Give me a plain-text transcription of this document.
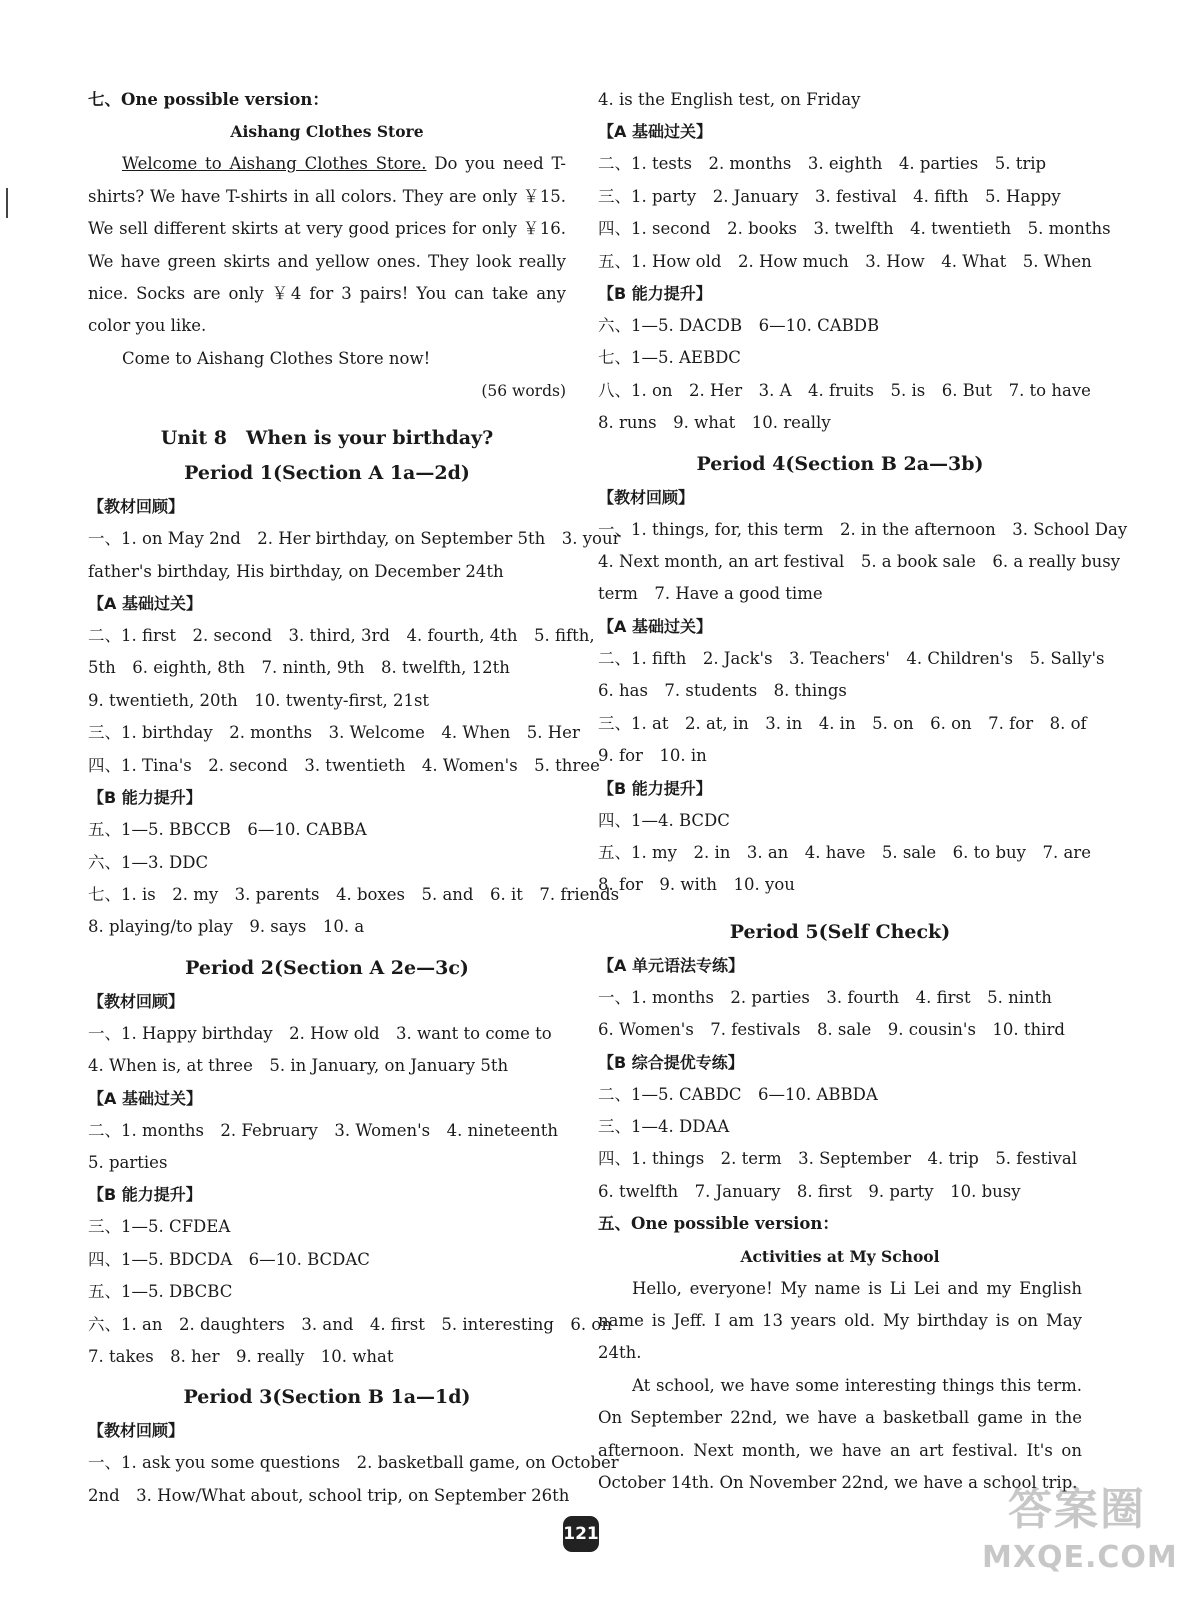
七、One possible version：
Aishang Clothes Store
Welcome to Aishang Clothes Store. Do you need T-shirts? We have T-shirts in all colors. They are only ￥15. We sell different skirts at very good prices for only ￥16. We have green skirts and yellow ones. They look really nice. Socks are only ￥4 for 3 pairs! You can take any color you like.
Come to Aishang Clothes Store now!
(56 words)
Unit 8　When is your birthday?
Period 1(Section A 1a—2d)
【教材回顾】
一、1. on May 2nd　2. Her birthday, on September 5th　3. your
father's birthday, His birthday, on December 24th
【A 基础过关】
二、1. first　2. second　3. third, 3rd　4. fourth, 4th　5. fifth,
5th　6. eighth, 8th　7. ninth, 9th　8. twelfth, 12th
9. twentieth, 20th　10. twenty-first, 21st
三、1. birthday　2. months　3. Welcome　4. When　5. Her
四、1. Tina's　2. second　3. twentieth　4. Women's　5. three
【B 能力提升】
五、1—5. BBCCB　6—10. CABBA
六、1—3. DDC
七、1. is　2. my　3. parents　4. boxes　5. and　6. it　7. friends
8. playing/to play　9. says　10. a
Period 2(Section A 2e—3c)
【教材回顾】
一、1. Happy birthday　2. How old　3. want to come to
4. When is, at three　5. in January, on January 5th
【A 基础过关】
二、1. months　2. February　3. Women's　4. nineteenth
5. parties
【B 能力提升】
三、1—5. CFDEA
四、1—5. BDCDA　6—10. BCDAC
五、1—5. DBCBC
六、1. an　2. daughters　3. and　4. first　5. interesting　6. on
7. takes　8. her　9. really　10. what
Period 3(Section B 1a—1d)
【教材回顾】
一、1. ask you some questions　2. basketball game, on October
2nd　3. How/What about, school trip, on September 26th
4. is the English test, on Friday
【A 基础过关】
二、1. tests　2. months　3. eighth　4. parties　5. trip
三、1. party　2. January　3. festival　4. fifth　5. Happy
四、1. second　2. books　3. twelfth　4. twentieth　5. months
五、1. How old　2. How much　3. How　4. What　5. When
【B 能力提升】
六、1—5. DACDB　6—10. CABDB
七、1—5. AEBDC
八、1. on　2. Her　3. A　4. fruits　5. is　6. But　7. to have
8. runs　9. what　10. really
Period 4(Section B 2a—3b)
【教材回顾】
一、1. things, for, this term　2. in the afternoon　3. School Day
4. Next month, an art festival　5. a book sale　6. a really busy
term　7. Have a good time
【A 基础过关】
二、1. fifth　2. Jack's　3. Teachers'　4. Children's　5. Sally's
6. has　7. students　8. things
三、1. at　2. at, in　3. in　4. in　5. on　6. on　7. for　8. of
9. for　10. in
【B 能力提升】
四、1—4. BCDC
五、1. my　2. in　3. an　4. have　5. sale　6. to buy　7. are
8. for　9. with　10. you
Period 5(Self Check)
【A 单元语法专练】
一、1. months　2. parties　3. fourth　4. first　5. ninth
6. Women's　7. festivals　8. sale　9. cousin's　10. third
【B 综合提优专练】
二、1—5. CABDC　6—10. ABBDA
三、1—4. DDAA
四、1. things　2. term　3. September　4. trip　5. festival
6. twelfth　7. January　8. first　9. party　10. busy
五、One possible version：
Activities at My School
Hello, everyone! My name is Li Lei and my English name is Jeff. I am 13 years old. My birthday is on May 24th.
At school, we have some interesting things this term. On September 22nd, we have a basketball game in the afternoon. Next month, we have an art festival. It's on October 14th. On November 22nd, we have a school trip.
121	答案圈
MXQE.COM
